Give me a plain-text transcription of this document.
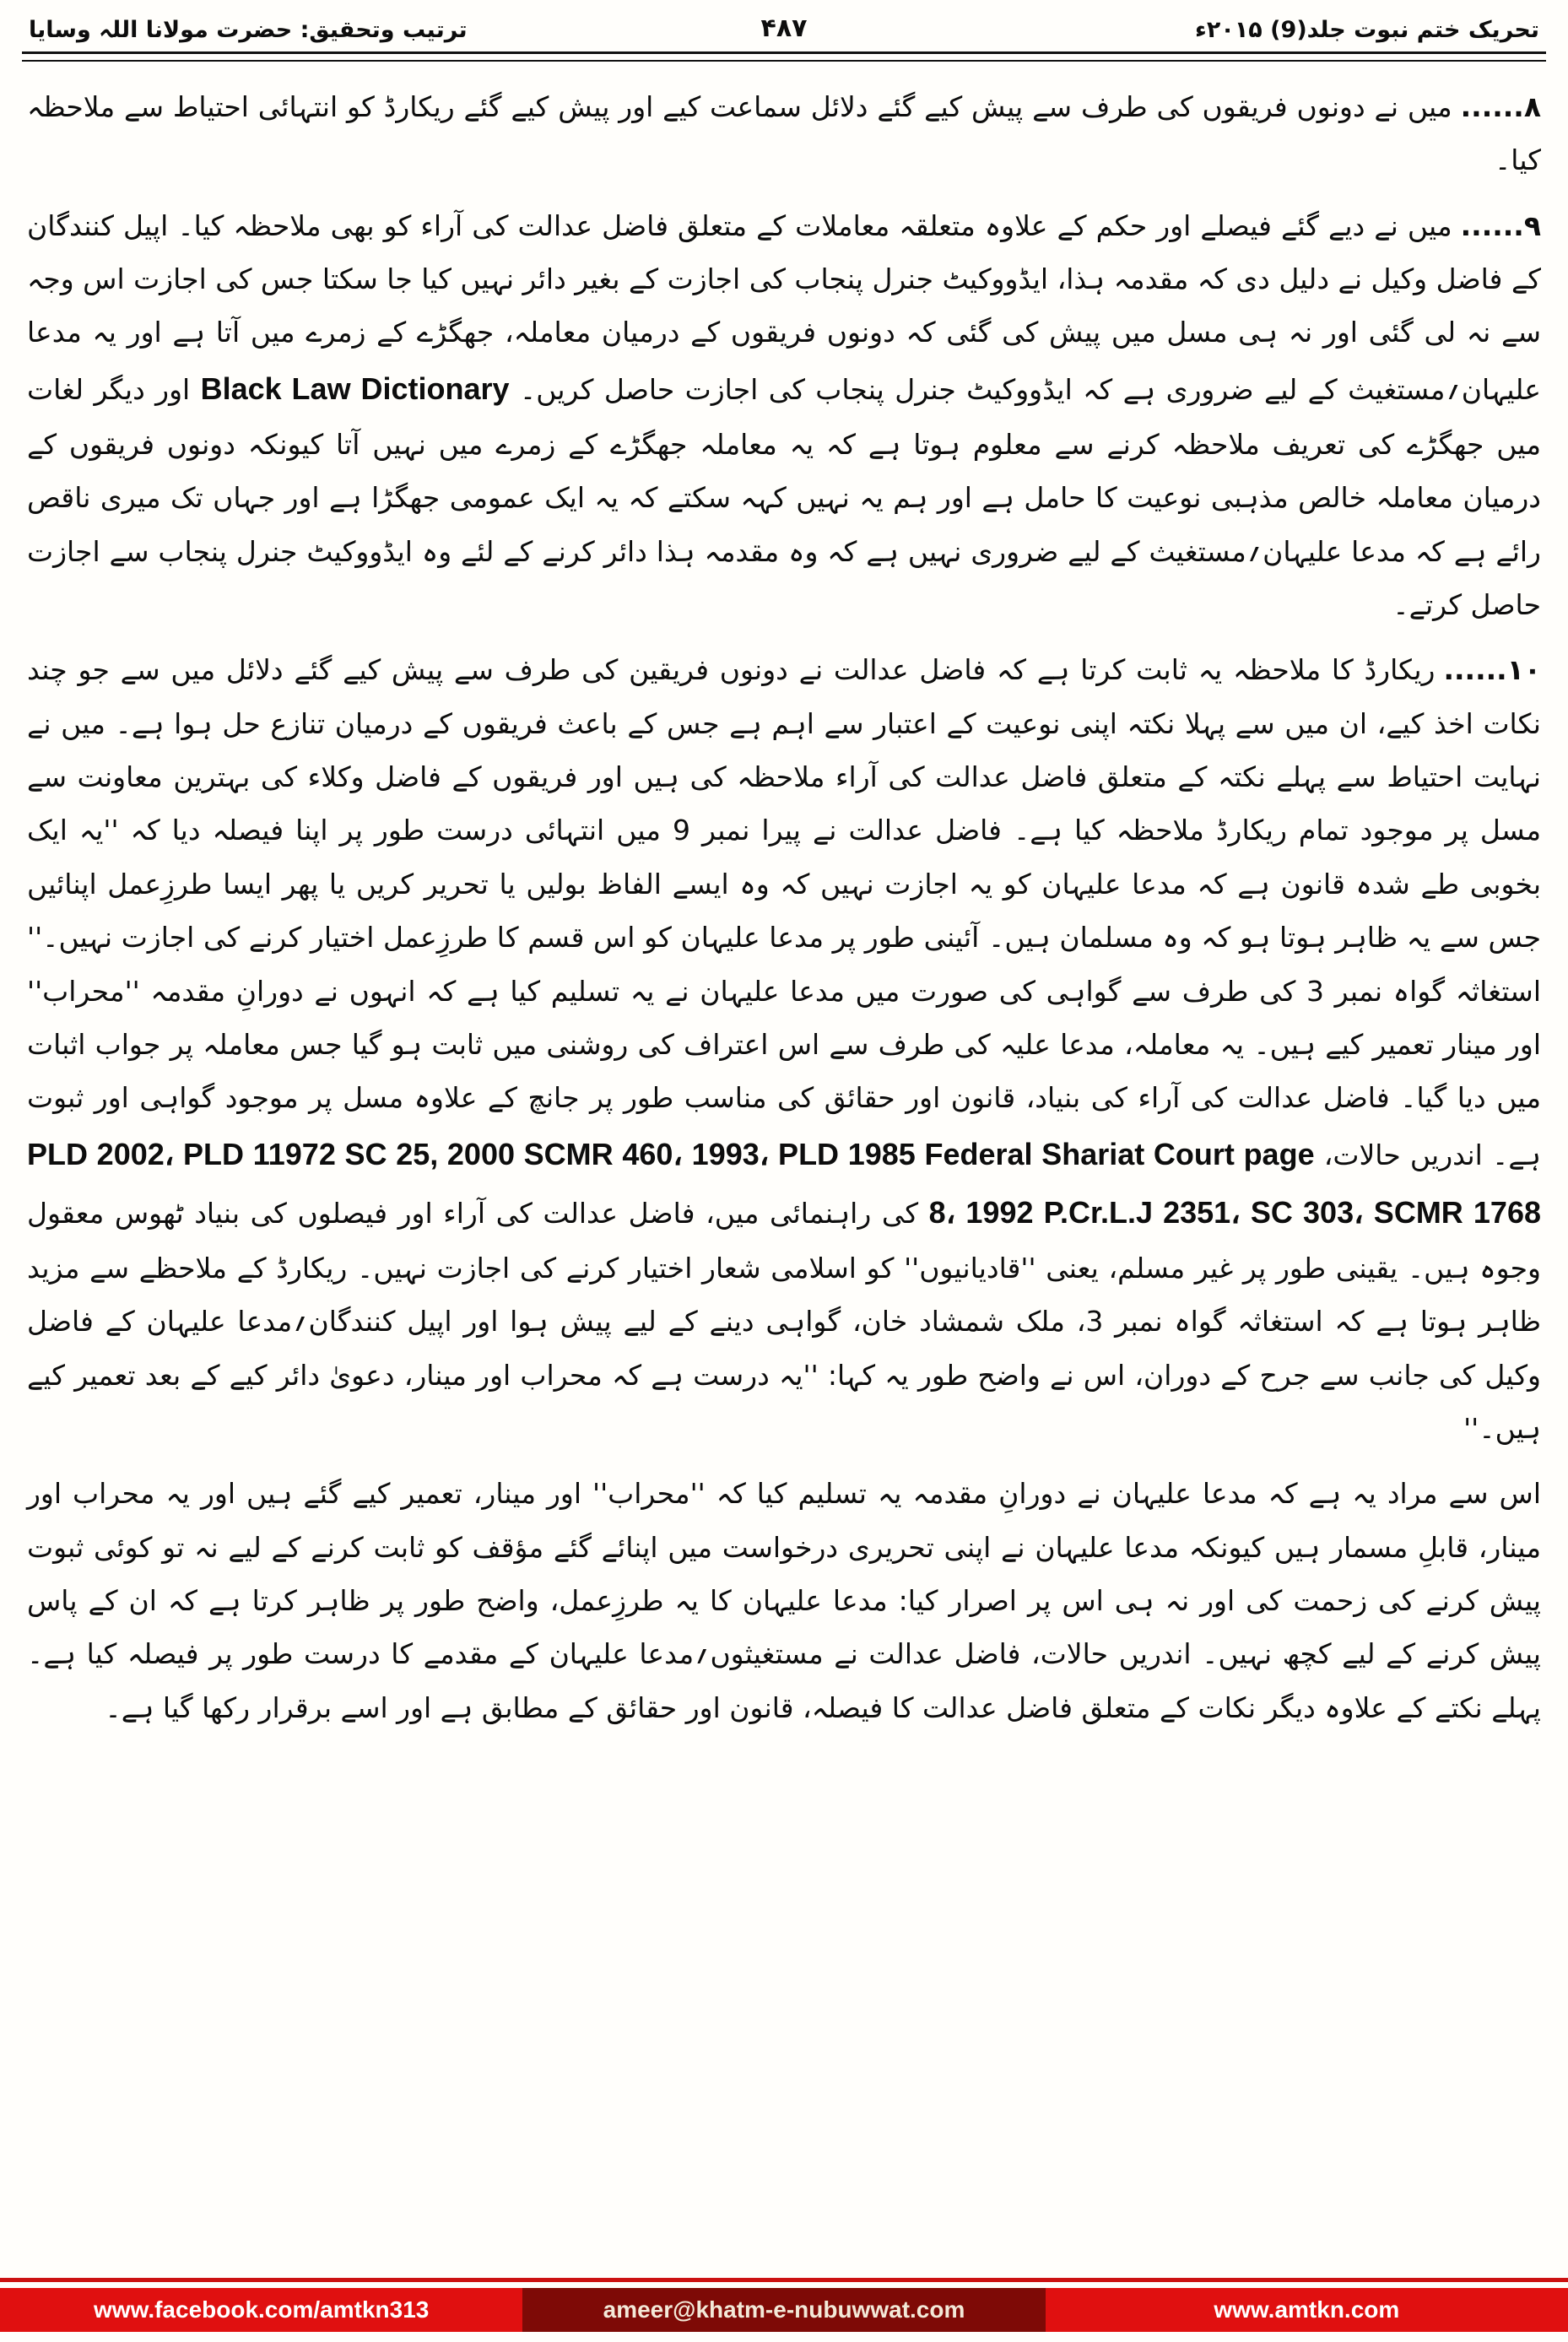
تحریک ختم نبوت جلد(9) ۲۰۱۵ء
۴۸۷
ترتیب وتحقیق: حضرت مولانا اللہ وسایا
۸......میں نے دونوں فریقوں کی طرف سے پیش کیے گئے دلائل سماعت کیے اور پیش کیے گئے ریکارڈ کو انتہائی احتیاط سے ملاحظہ کیا۔
۹......میں نے دیے گئے فیصلے اور حکم کے علاوہ متعلقہ معاملات کے متعلق فاضل عدالت کی آراء کو بھی ملاحظہ کیا۔ اپیل کنندگان کے فاضل وکیل نے دلیل دی کہ مقدمہ ہذا، ایڈووکیٹ جنرل پنجاب کی اجازت کے بغیر دائر نہیں کیا جا سکتا جس کی اجازت اس وجہ سے نہ لی گئی اور نہ ہی مسل میں پیش کی گئی کہ دونوں فریقوں کے درمیان معاملہ، جھگڑے کے زمرے میں آتا ہے اور یہ مدعا علیہان؍مستغیث کے لیے ضروری ہے کہ ایڈووکیٹ جنرل پنجاب کی اجازت حاصل کریں۔ Black Law Dictionary اور دیگر لغات میں جھگڑے کی تعریف ملاحظہ کرنے سے معلوم ہوتا ہے کہ یہ معاملہ جھگڑے کے زمرے میں نہیں آتا کیونکہ دونوں فریقوں کے درمیان معاملہ خالص مذہبی نوعیت کا حامل ہے اور ہم یہ نہیں کہہ سکتے کہ یہ ایک عمومی جھگڑا ہے اور جہاں تک میری ناقص رائے ہے کہ مدعا علیہان؍مستغیث کے لیے ضروری نہیں ہے کہ وہ مقدمہ ہذا دائر کرنے کے لئے وہ ایڈووکیٹ جنرل پنجاب سے اجازت حاصل کرتے۔
۱۰......ریکارڈ کا ملاحظہ یہ ثابت کرتا ہے کہ فاضل عدالت نے دونوں فریقین کی طرف سے پیش کیے گئے دلائل میں سے جو چند نکات اخذ کیے، ان میں سے پہلا نکتہ اپنی نوعیت کے اعتبار سے اہم ہے جس کے باعث فریقوں کے درمیان تنازع حل ہوا ہے۔ میں نے نہایت احتیاط سے پہلے نکتہ کے متعلق فاضل عدالت کی آراء ملاحظہ کی ہیں اور فریقوں کے فاضل وکلاء کی بہترین معاونت سے مسل پر موجود تمام ریکارڈ ملاحظہ کیا ہے۔ فاضل عدالت نے پیرا نمبر 9 میں انتہائی درست طور پر اپنا فیصلہ دیا کہ ''یہ ایک بخوبی طے شدہ قانون ہے کہ مدعا علیہان کو یہ اجازت نہیں کہ وہ ایسے الفاظ بولیں یا تحریر کریں یا پھر ایسا طرزِعمل اپنائیں جس سے یہ ظاہر ہوتا ہو کہ وہ مسلمان ہیں۔ آئینی طور پر مدعا علیہان کو اس قسم کا طرزِعمل اختیار کرنے کی اجازت نہیں۔'' استغاثہ گواہ نمبر 3 کی طرف سے گواہی کی صورت میں مدعا علیہان نے یہ تسلیم کیا ہے کہ انہوں نے دورانِ مقدمہ ''محراب'' اور مینار تعمیر کیے ہیں۔ یہ معاملہ، مدعا علیہ کی طرف سے اس اعتراف کی روشنی میں ثابت ہو گیا جس معاملہ پر جواب اثبات میں دیا گیا۔ فاضل عدالت کی آراء کی بنیاد، قانون اور حقائق کی مناسب طور پر جانچ کے علاوہ مسل پر موجود گواہی اور ثبوت ہے۔ اندریں حالات، PLD 2002، PLD 11972 SC 25, 2000 SCMR 460، 1993، PLD 1985 Federal Shariat Court page 8، 1992 P.Cr.L.J 2351، SC 303، SCMR 1768 کی راہنمائی میں، فاضل عدالت کی آراء اور فیصلوں کی بنیاد ٹھوس معقول وجوہ ہیں۔ یقینی طور پر غیر مسلم، یعنی ''قادیانیوں'' کو اسلامی شعار اختیار کرنے کی اجازت نہیں۔ ریکارڈ کے ملاحظے سے مزید ظاہر ہوتا ہے کہ استغاثہ گواہ نمبر 3، ملک شمشاد خان، گواہی دینے کے لیے پیش ہوا اور اپیل کنندگان؍مدعا علیہان کے فاضل وکیل کی جانب سے جرح کے دوران، اس نے واضح طور یہ کہا: ''یہ درست ہے کہ محراب اور مینار، دعویٰ دائر کیے کے بعد تعمیر کیے ہیں۔''
اس سے مراد یہ ہے کہ مدعا علیہان نے دورانِ مقدمہ یہ تسلیم کیا کہ ''محراب'' اور مینار، تعمیر کیے گئے ہیں اور یہ محراب اور مینار، قابلِ مسمار ہیں کیونکہ مدعا علیہان نے اپنی تحریری درخواست میں اپنائے گئے مؤقف کو ثابت کرنے کے لیے نہ تو کوئی ثبوت پیش کرنے کی زحمت کی اور نہ ہی اس پر اصرار کیا: مدعا علیہان کا یہ طرزِعمل، واضح طور پر ظاہر کرتا ہے کہ ان کے پاس پیش کرنے کے لیے کچھ نہیں۔ اندریں حالات، فاضل عدالت نے مستغیثوں؍مدعا علیہان کے مقدمے کا درست طور پر فیصلہ کیا ہے۔ پہلے نکتے کے علاوہ دیگر نکات کے متعلق فاضل عدالت کا فیصلہ، قانون اور حقائق کے مطابق ہے اور اسے برقرار رکھا گیا ہے۔
www.amtkn.com
ameer@khatm-e-nubuwwat.com
www.facebook.com/amtkn313
